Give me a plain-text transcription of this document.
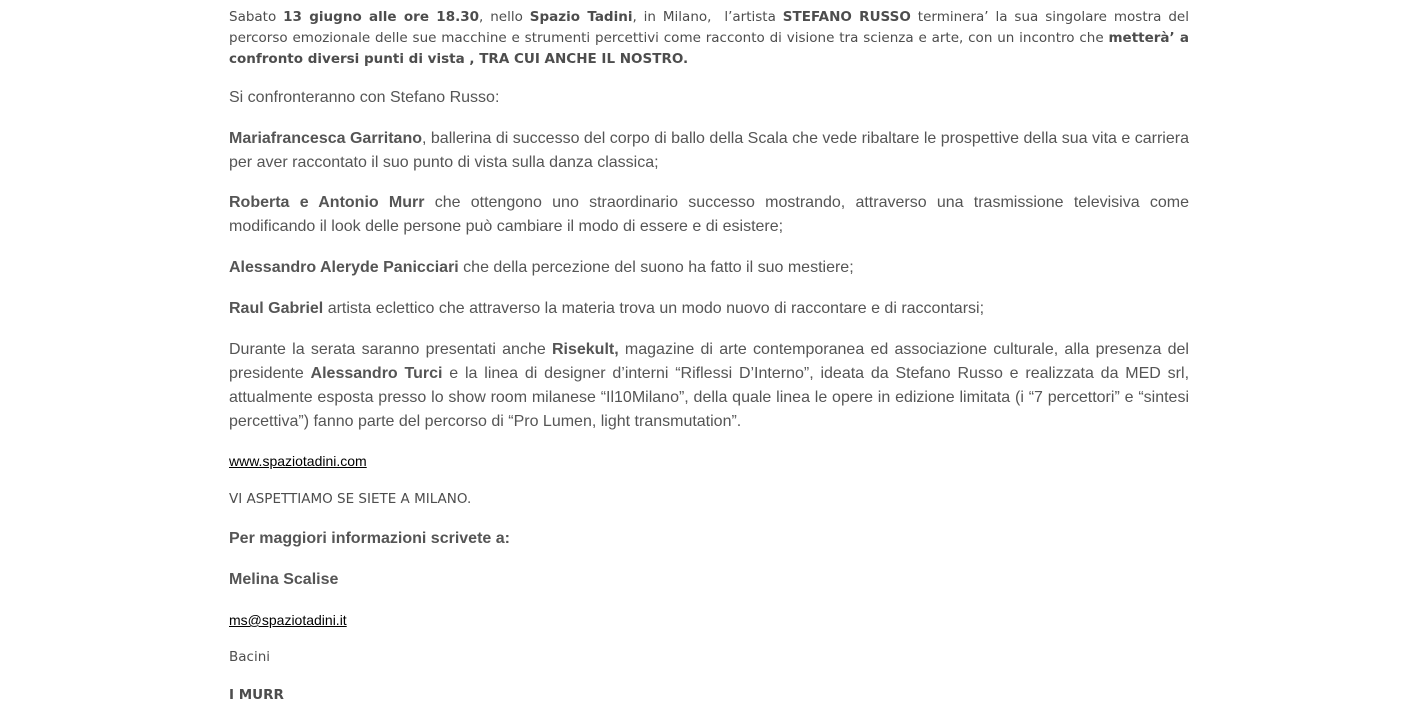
Sabato 13 giugno alle ore 18.30, nello Spazio Tadini, in Milano, l’artista STEFANO RUSSO terminera’ la sua singolare mostra del percorso emozionale delle sue macchine e strumenti percettivi come racconto di visione tra scienza e arte, con un incontro che metterà’ a confronto diversi punti di vista , TRA CUI ANCHE IL NOSTRO.

Si confronteranno con Stefano Russo:

Mariafrancesca Garritano, ballerina di successo del corpo di ballo della Scala che vede ribaltare le prospettive della sua vita e carriera per aver raccontato il suo punto di vista sulla danza classica;

Roberta e Antonio Murr che ottengono uno straordinario successo mostrando, attraverso una trasmissione televisiva come modificando il look delle persone può cambiare il modo di essere e di esistere;

Alessandro Aleryde Panicciari che della percezione del suono ha fatto il suo mestiere;

Raul Gabriel artista eclettico che attraverso la materia trova un modo nuovo di raccontare e di raccontarsi;

Durante la serata saranno presentati anche Risekult, magazine di arte contemporanea ed associazione culturale, alla presenza del presidente Alessandro Turci e la linea di designer d’interni “Riflessi D’Interno”, ideata da Stefano Russo e realizzata da MED srl, attualmente esposta presso lo show room milanese “Il10Milano”, della quale linea le opere in edizione limitata (i “7 percettori” e “sintesi percettiva”) fanno parte del percorso di “Pro Lumen, light transmutation”.

www.spaziotadini.com

VI ASPETTIAMO SE SIETE A MILANO.

Per maggiori informazioni scrivete a:

Melina Scalise

ms@spaziotadini.it

Bacini

I MURR
